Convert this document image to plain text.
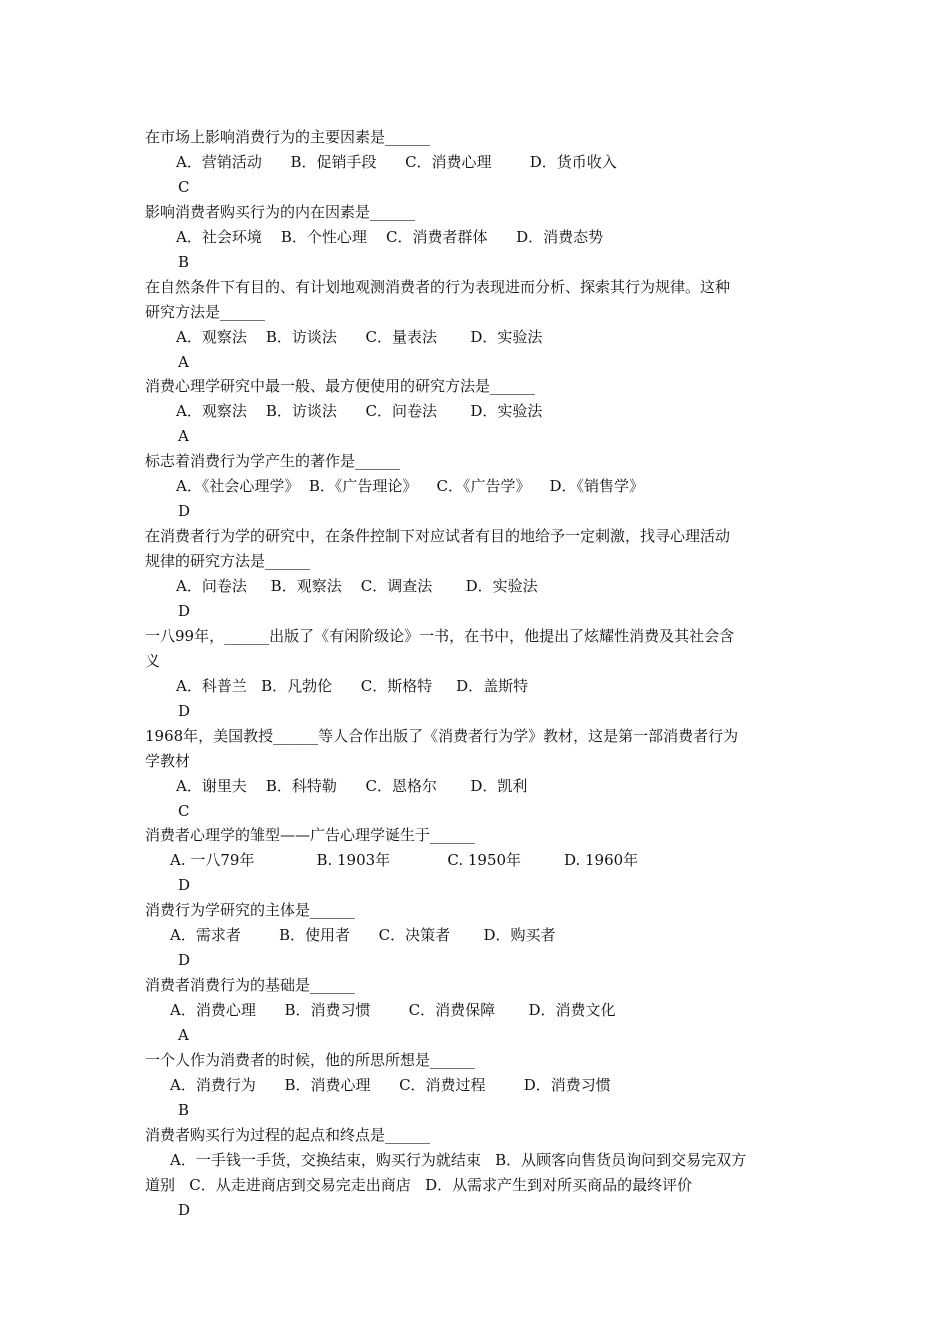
在市场上影响消费行为的主要因素是______
A．营销活动      B．促销手段      C．消费心理        D．货币收入
C
影响消费者购买行为的内在因素是______
A．社会环境    B．个性心理    C．消费者群体      D．消费态势
B
在自然条件下有目的、有计划地观测消费者的行为表现进而分析、探索其行为规律。这种
研究方法是______
A．观察法    B．访谈法      C．量表法       D．实验法
A
消费心理学研究中最一般、最方便使用的研究方法是______
A．观察法    B．访谈法      C．问卷法       D．实验法
A
标志着消费行为学产生的著作是______
A．《社会心理学》  B．《广告理论》    C．《广告学》    D．《销售学》
D
在消费者行为学的研究中，在条件控制下对应试者有目的地给予一定刺激，找寻心理活动
规律的研究方法是______
A．问卷法     B．观察法    C．调查法       D．实验法
D
一八99年，______出版了《有闲阶级论》一书，在书中，他提出了炫耀性消费及其社会含
义
A．科普兰   B．凡勃伦      C．斯格特     D．盖斯特
D
1968年，美国教授______等人合作出版了《消费者行为学》教材，这是第一部消费者行为
学教材
A．谢里夫    B．科特勒      C．恩格尔       D．凯利
C
消费者心理学的雏型——广告心理学诞生于______
A. 一八79年             B. 1903年            C. 1950年         D. 1960年
D
消费行为学研究的主体是______
A．需求者        B．使用者      C．决策者       D．购买者
D
消费者消费行为的基础是______
A．消费心理      B．消费习惯        C．消费保障       D．消费文化
A
一个人作为消费者的时候，他的所思所想是______
A．消费行为      B．消费心理      C．消费过程        D．消费习惯
B
消费者购买行为过程的起点和终点是______
A．一手钱一手货，交换结束，购买行为就结束   B．从顾客向售货员询问到交易完双方
道别   C．从走进商店到交易完走出商店   D．从需求产生到对所买商品的最终评价
D
